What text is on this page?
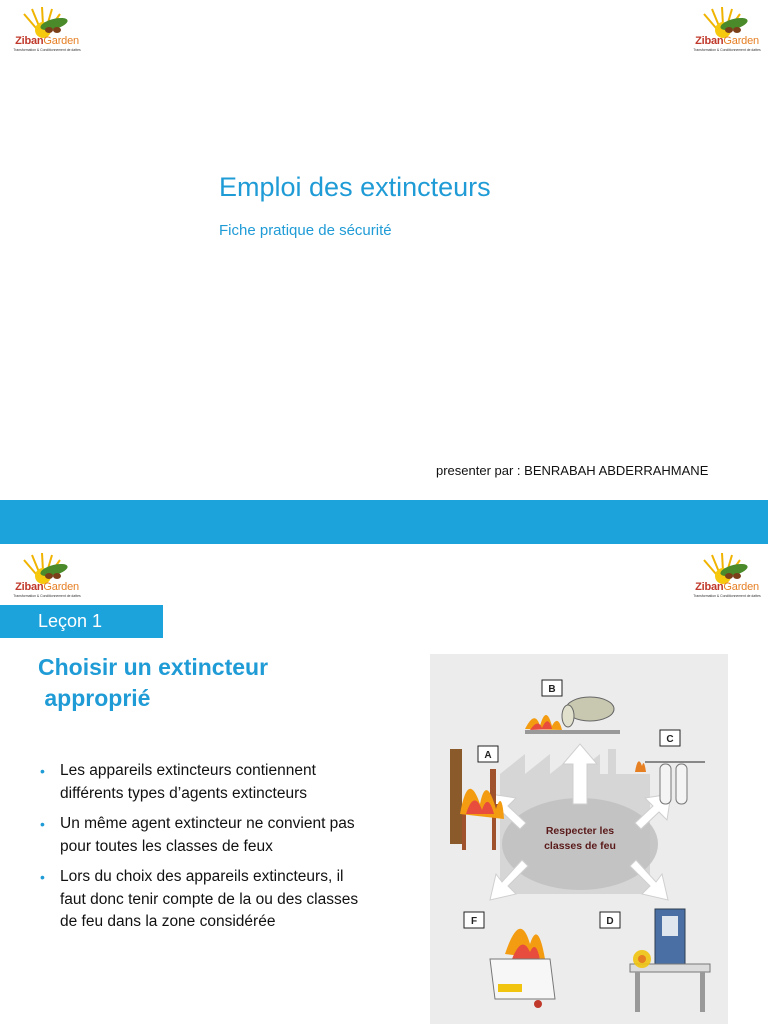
ZibanGarden
Transformation & Conditionnement de dattes
ZibanGarden
Transformation & Conditionnement de dattes
Emploi des extincteurs
Fiche pratique de sécurité
presenter par : BENRABAH ABDERRAHMANE
ZibanGarden
Transformation & Conditionnement de dattes
ZibanGarden
Transformation & Conditionnement de dattes
Leçon 1
Choisir un extincteur
approprié
• Les appareils extincteurs contiennent différents types d’agents extincteurs
• Un même agent extincteur ne convient pas pour toutes les classes de feux
• Lors du choix des appareils extincteurs, il faut donc tenir compte de la ou des classes de feu dans la zone considérée
Respecter les
classes de feu
B
A
C
F	D
